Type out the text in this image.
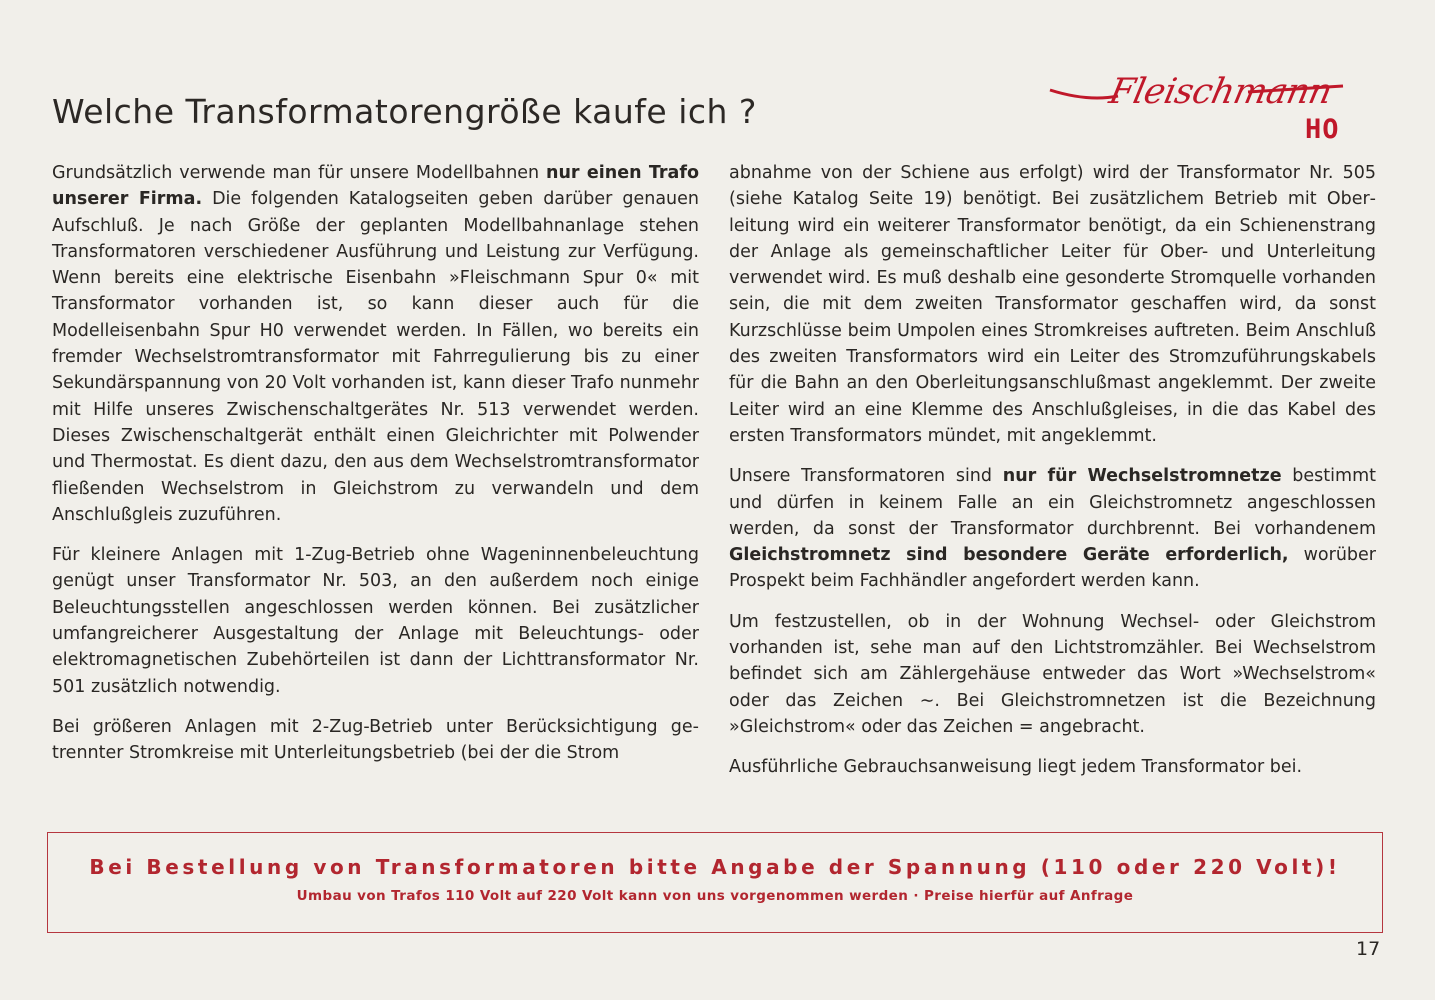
Welche Transformatorengröße kaufe ich ?	Fleischmann
HO

Grundsätzlich verwende man für unsere Modellbahnen nur einen Trafo unserer Firma. Die folgenden Katalogseiten geben darüber genauen Aufschluß. Je nach Größe der geplanten Modellbahnanlage stehen Transformatoren verschiedener Ausführung und Leistung zur Verfügung. Wenn bereits eine elektrische Eisenbahn »Fleischmann Spur 0« mit Transformator vorhanden ist, so kann dieser auch für die Modelleisenbahn Spur H0 verwendet werden. In Fällen, wo bereits ein fremder Wechselstromtransformator mit Fahrregulierung bis zu einer Sekundärspannung von 20 Volt vorhanden ist, kann dieser Trafo nunmehr mit Hilfe unseres Zwischenschaltgerätes Nr. 513 verwendet werden. Dieses Zwischenschaltgerät enthält einen Gleichrichter mit Polwender und Thermostat. Es dient dazu, den aus dem Wechselstromtransformator fließenden Wechselstrom in Gleichstrom zu verwandeln und dem Anschlußgleis zuzuführen.

Für kleinere Anlagen mit 1-Zug-Betrieb ohne Wageninnenbeleuchtung genügt unser Transformator Nr. 503, an den außerdem noch einige Beleuchtungsstellen angeschlossen werden können. Bei zusätzlicher umfangreicherer Ausgestaltung der Anlage mit Beleuchtungs- oder elektromagnetischen Zubehörteilen ist dann der Lichttransformator Nr. 501 zusätzlich notwendig.

Bei größeren Anlagen mit 2-Zug-Betrieb unter Berücksichtigung getrennter Stromkreise mit Unterleitungsbetrieb (bei der die Strom

abnahme von der Schiene aus erfolgt) wird der Transformator Nr. 505 (siehe Katalog Seite 19) benötigt. Bei zusätzlichem Betrieb mit Oberleitung wird ein weiterer Transformator benötigt, da ein Schienenstrang der Anlage als gemeinschaftlicher Leiter für Ober- und Unterleitung verwendet wird. Es muß deshalb eine gesonderte Stromquelle vorhanden sein, die mit dem zweiten Transformator geschaffen wird, da sonst Kurzschlüsse beim Umpolen eines Stromkreises auftreten. Beim Anschluß des zweiten Transformators wird ein Leiter des Stromzuführungskabels für die Bahn an den Oberleitungsanschlußmast angeklemmt. Der zweite Leiter wird an eine Klemme des Anschlußgleises, in die das Kabel des ersten Transformators mündet, mit angeklemmt.

Unsere Transformatoren sind nur für Wechselstromnetze bestimmt und dürfen in keinem Falle an ein Gleichstromnetz angeschlossen werden, da sonst der Transformator durchbrennt. Bei vorhandenem Gleichstromnetz sind besondere Geräte erforderlich, worüber Prospekt beim Fachhändler angefordert werden kann.

Um festzustellen, ob in der Wohnung Wechsel- oder Gleichstrom vorhanden ist, sehe man auf den Lichtstromzähler. Bei Wechselstrom befindet sich am Zählergehäuse entweder das Wort »Wechselstrom« oder das Zeichen ∼. Bei Gleichstromnetzen ist die Bezeichnung »Gleichstrom« oder das Zeichen = angebracht.

Ausführliche Gebrauchsanweisung liegt jedem Transformator bei.

Bei Bestellung von Transformatoren bitte Angabe der Spannung (110 oder 220 Volt)!
Umbau von Trafos 110 Volt auf 220 Volt kann von uns vorgenommen werden · Preise hierfür auf Anfrage
17
